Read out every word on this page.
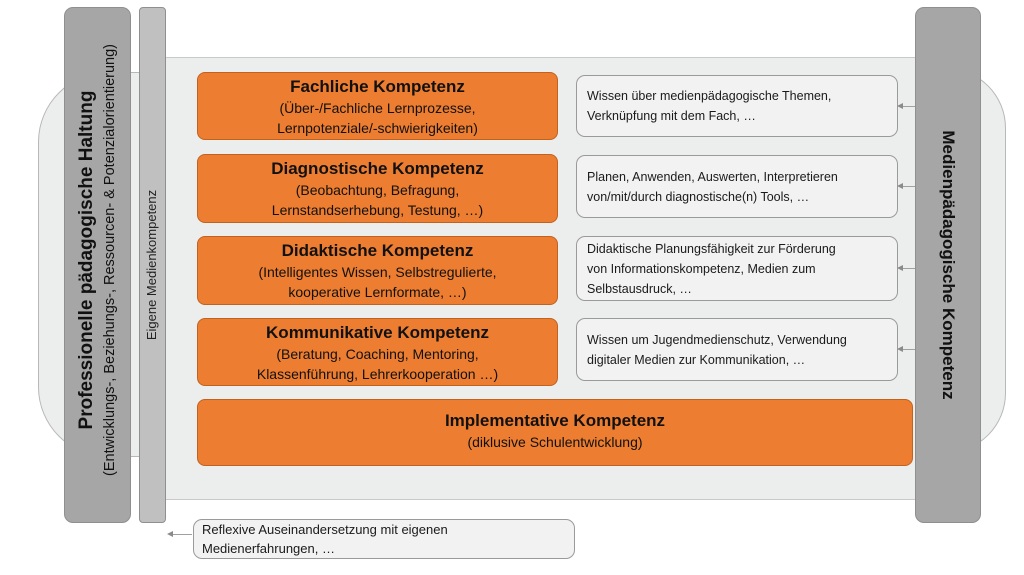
Professionelle pädagogische Haltung (Entwicklungs-, Beziehungs-, Ressourcen- & Potenzialorientierung) Eigene Medienkompetenz	Medienpädagogische Kompetenz
Fachliche Kompetenz
(Über-/Fachliche Lernprozesse,
Lernpotenziale/-schwierigkeiten)
Diagnostische Kompetenz
(Beobachtung, Befragung,
Lernstandserhebung, Testung, …)
Didaktische Kompetenz
(Intelligentes Wissen, Selbstregulierte,
kooperative Lernformate, …)
Kommunikative Kompetenz
(Beratung, Coaching, Mentoring,
Klassenführung, Lehrerkooperation …)
Implementative Kompetenz
(diklusive Schulentwicklung)
Wissen über medienpädagogische Themen,
Verknüpfung mit dem Fach, …
Planen, Anwenden, Auswerten, Interpretieren
von/mit/durch diagnostische(n) Tools, …
Didaktische Planungsfähigkeit zur Förderung
von Informationskompetenz, Medien zum
Selbstausdruck, …
Wissen um Jugendmedienschutz, Verwendung
digitaler Medien zur Kommunikation, …
Reflexive Auseinandersetzung mit eigenen
Medienerfahrungen, …
